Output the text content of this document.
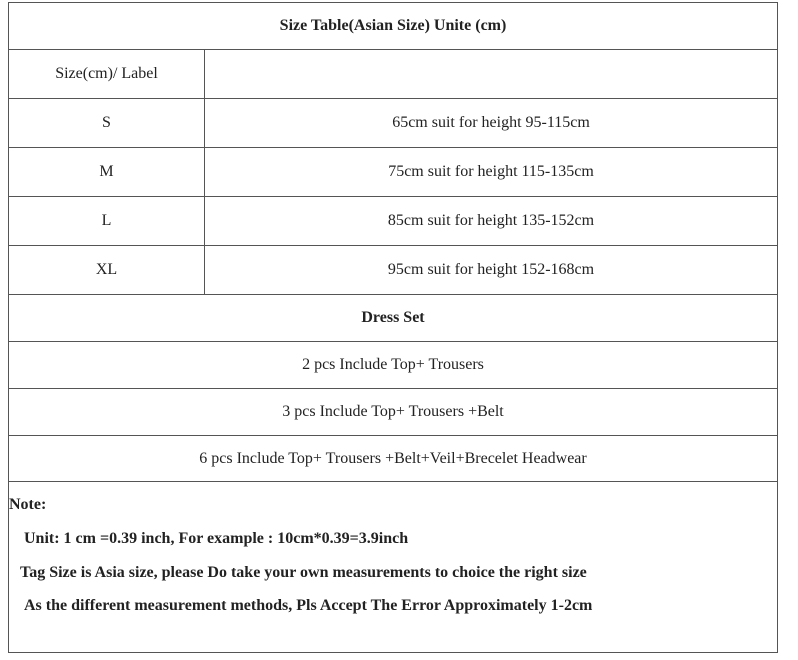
Size Table(Asian Size) Unite (cm)
Size(cm)/ Label
S	65cm suit for height 95-115cm
M	75cm suit for height 115-135cm
L	85cm suit for height 135-152cm
XL	95cm suit for height 152-168cm
Dress Set
2 pcs Include Top+ Trousers
3 pcs Include Top+ Trousers +Belt
6 pcs Include Top+ Trousers +Belt+Veil+Brecelet Headwear
Note:
Unit: 1 cm =0.39 inch, For example : 10cm*0.39=3.9inch
Tag Size is Asia size, please Do take your own measurements to choice the right size
As the different measurement methods, Pls Accept The Error Approximately 1-2cm
